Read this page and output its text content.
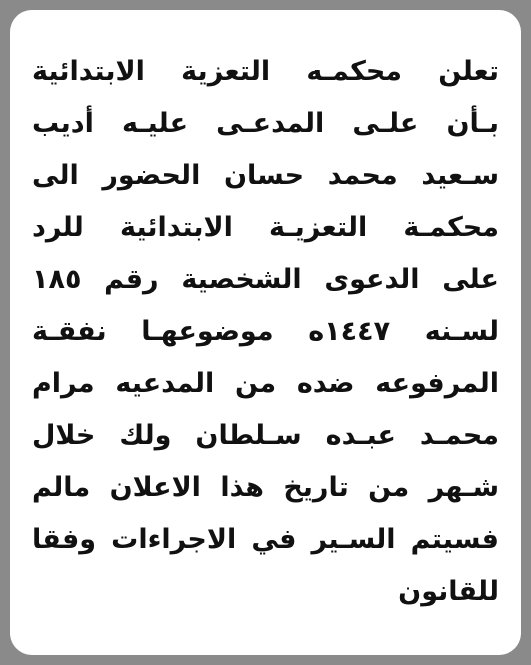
تعلن محكمـه التعزية الابتدائية
بـأن علـى المدعـى عليـه أديب
سـعيد محمد حسان الحضور الى
محكمـة التعزيـة الابتدائية للرد
على الدعوى الشخصية رقم ١٨٥
لسـنه ١٤٤٧ه موضوعهـا نفقـة
المرفوعه ضده من المدعيه مرام
محمـد عبـده سـلطان ولك خلال
شـهر من تاريخ هذا الاعلان مالم
فسيتم السـير في الاجراءات وفقا
للقانون
